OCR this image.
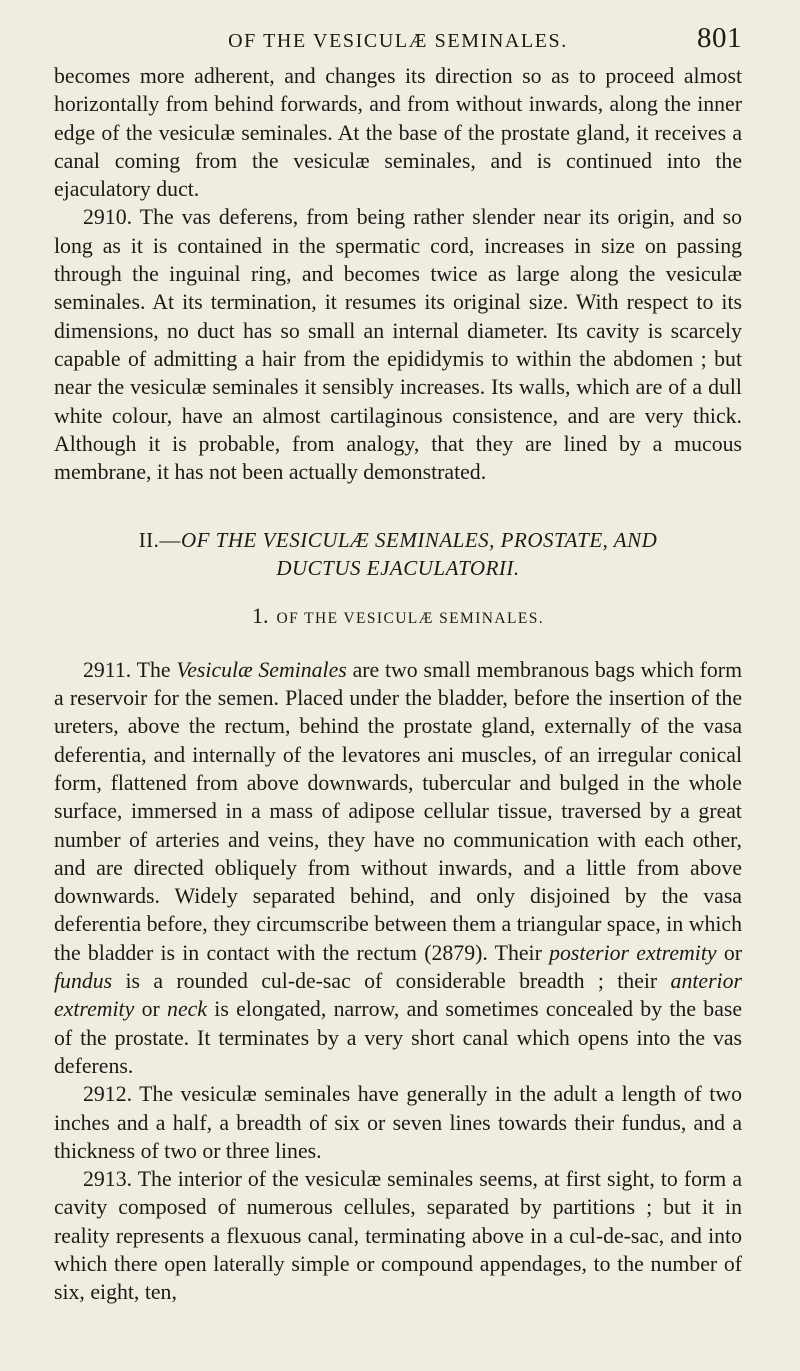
OF THE VESICULÆ SEMINALES.	801

becomes more adherent, and changes its direction so as to proceed almost horizontally from behind forwards, and from without inwards, along the inner edge of the vesiculæ seminales. At the base of the prostate gland, it receives a canal coming from the vesiculæ seminales, and is continued into the ejaculatory duct.

2910. The vas deferens, from being rather slender near its origin, and so long as it is contained in the spermatic cord, increases in size on passing through the inguinal ring, and becomes twice as large along the vesiculæ seminales. At its termination, it resumes its original size. With respect to its dimensions, no duct has so small an internal diameter. Its cavity is scarcely capable of admitting a hair from the epididymis to within the abdomen ; but near the vesiculæ seminales it sensibly increases. Its walls, which are of a dull white colour, have an almost cartilaginous consistence, and are very thick. Although it is probable, from analogy, that they are lined by a mucous membrane, it has not been actually demonstrated.

II.—OF THE VESICULÆ SEMINALES, PROSTATE, AND
DUCTUS EJACULATORII.
1. OF THE VESICULÆ SEMINALES.

2911. The Vesiculæ Seminales are two small membranous bags which form a reservoir for the semen. Placed under the bladder, before the insertion of the ureters, above the rectum, behind the prostate gland, externally of the vasa deferentia, and internally of the levatores ani muscles, of an irregular conical form, flattened from above downwards, tubercular and bulged in the whole surface, immersed in a mass of adipose cellular tissue, traversed by a great number of arteries and veins, they have no communication with each other, and are directed obliquely from without inwards, and a little from above downwards. Widely separated behind, and only disjoined by the vasa deferentia before, they circumscribe between them a triangular space, in which the bladder is in contact with the rectum (2879). Their posterior extremity or fundus is a rounded cul-de-sac of considerable breadth ; their anterior extremity or neck is elongated, narrow, and sometimes concealed by the base of the prostate. It terminates by a very short canal which opens into the vas deferens.

2912. The vesiculæ seminales have generally in the adult a length of two inches and a half, a breadth of six or seven lines towards their fundus, and a thickness of two or three lines.

2913. The interior of the vesiculæ seminales seems, at first sight, to form a cavity composed of numerous cellules, separated by partitions ; but it in reality represents a flexuous canal, terminating above in a cul-de-sac, and into which there open laterally simple or compound appendages, to the number of six, eight, ten,
